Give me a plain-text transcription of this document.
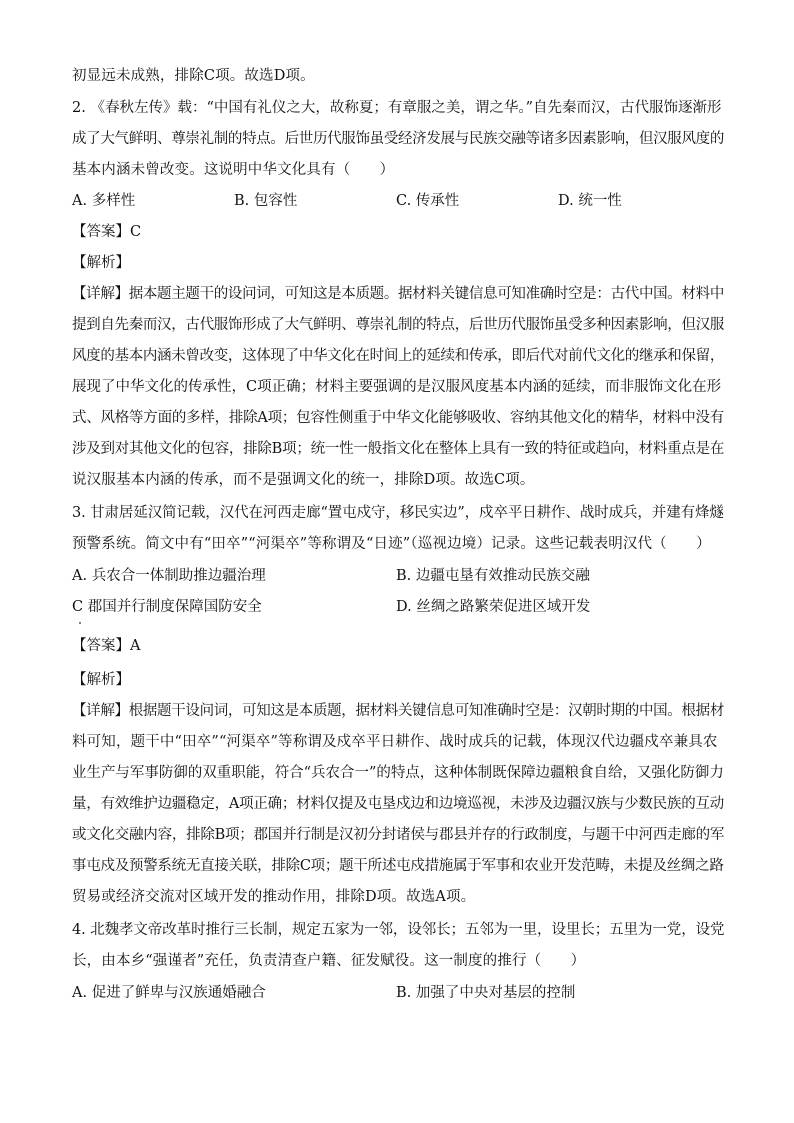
初显远未成熟，排除C项。故选D项。
2. 《春秋左传》载：“中国有礼仪之大，故称夏；有章服之美，谓之华。”自先秦而汉，古代服饰逐渐形
成了大气鲜明、尊崇礼制的特点。后世历代服饰虽受经济发展与民族交融等诸多因素影响，但汉服风度的
基本内涵未曾改变。这说明中华文化具有（　　）
A. 多样性	B. 包容性	C. 传承性	D. 统一性
【答案】C
【解析】
【详解】据本题主题干的设问词，可知这是本质题。据材料关键信息可知准确时空是：古代中国。材料中
提到自先秦而汉，古代服饰形成了大气鲜明、尊崇礼制的特点，后世历代服饰虽受多种因素影响，但汉服
风度的基本内涵未曾改变，这体现了中华文化在时间上的延续和传承，即后代对前代文化的继承和保留，
展现了中华文化的传承性，C项正确；材料主要强调的是汉服风度基本内涵的延续，而非服饰文化在形
式、风格等方面的多样，排除A项；包容性侧重于中华文化能够吸收、容纳其他文化的精华，材料中没有
涉及到对其他文化的包容，排除B项；统一性一般指文化在整体上具有一致的特征或趋向，材料重点是在
说汉服基本内涵的传承，而不是强调文化的统一，排除D项。故选C项。
3. 甘肃居延汉简记载，汉代在河西走廊“置屯戍守，移民实边”，戍卒平日耕作、战时成兵，并建有烽燧
预警系统。简文中有“田卒”“河渠卒”等称谓及“日迹”（巡视边境）记录。这些记载表明汉代（　　）
A. 兵农合一体制助推边疆治理	B. 边疆屯垦有效推动民族交融
C 郡国并行制度保障国防安全	D. 丝绸之路繁荣促进区域开发
【答案】A
【解析】
【详解】根据题干设问词，可知这是本质题，据材料关键信息可知准确时空是：汉朝时期的中国。根据材
料可知，题干中“田卒”“河渠卒”等称谓及戍卒平日耕作、战时成兵的记载，体现汉代边疆戍卒兼具农
业生产与军事防御的双重职能，符合“兵农合一”的特点，这种体制既保障边疆粮食自给，又强化防御力
量，有效维护边疆稳定，A项正确；材料仅提及屯垦戍边和边境巡视，未涉及边疆汉族与少数民族的互动
或文化交融内容，排除B项；郡国并行制是汉初分封诸侯与郡县并存的行政制度，与题干中河西走廊的军
事屯戍及预警系统无直接关联，排除C项；题干所述屯戍措施属于军事和农业开发范畴，未提及丝绸之路
贸易或经济交流对区域开发的推动作用，排除D项。故选A项。
4. 北魏孝文帝改革时推行三长制，规定五家为一邻，设邻长；五邻为一里，设里长；五里为一党，设党
长，由本乡“强谨者”充任，负责清查户籍、征发赋役。这一制度的推行（　　）
A. 促进了鲜卑与汉族通婚融合	B. 加强了中央对基层的控制
